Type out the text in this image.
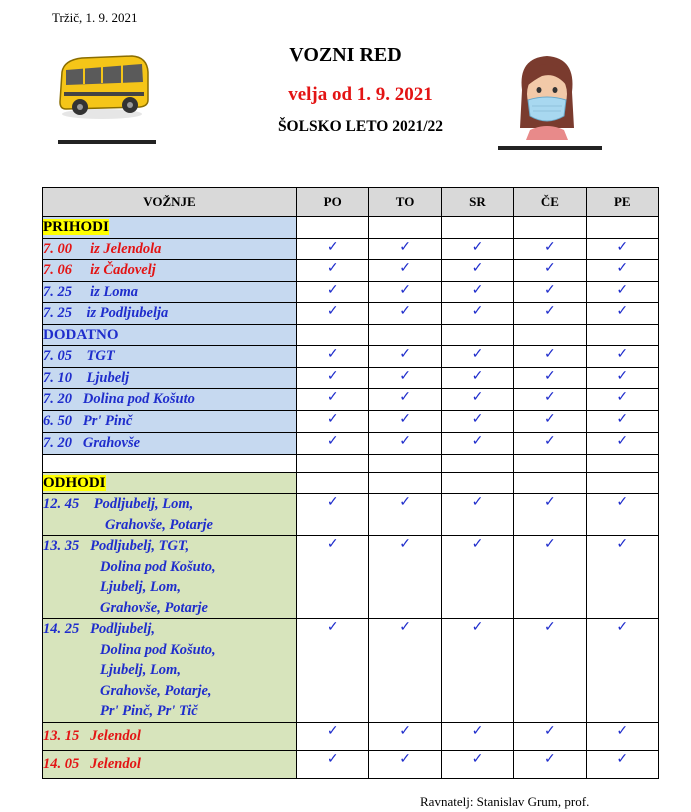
Tržič, 1. 9. 2021
VOZNI RED
velja od 1. 9. 2021
ŠOLSKO LETO 2021/22
VOŽNJE	PO	TO	SR	ČE	PE
PRIHODI					
7. 00 iz Jelendola	✓	✓	✓	✓	✓
7. 06 iz Čadovelj	✓	✓	✓	✓	✓
7. 25 iz Loma	✓	✓	✓	✓	✓
7. 25 iz Podljubelja	✓	✓	✓	✓	✓
DODATNO					
7. 05 TGT	✓	✓	✓	✓	✓
7. 10 Ljubelj	✓	✓	✓	✓	✓
7. 20 Dolina pod Košuto	✓	✓	✓	✓	✓
6. 50 Pr' Pinč	✓	✓	✓	✓	✓
7. 20 Grahovše	✓	✓	✓	✓	✓

ODHODI					
12. 45 Podljubelj, Lom,
Grahovše, Potarje	✓	✓	✓	✓	✓
13. 35 Podljubelj, TGT,
Dolina pod Košuto,
Ljubelj, Lom,
Grahovše, Potarje	✓	✓	✓	✓	✓
14. 25 Podljubelj,
Dolina pod Košuto,
Ljubelj, Lom,
Grahovše, Potarje,
Pr' Pinč, Pr' Tič	✓	✓	✓	✓	✓
13. 15 Jelendol	✓	✓	✓	✓	✓
14. 05 Jelendol	✓	✓	✓	✓	✓
Ravnatelj: Stanislav Grum, prof.
